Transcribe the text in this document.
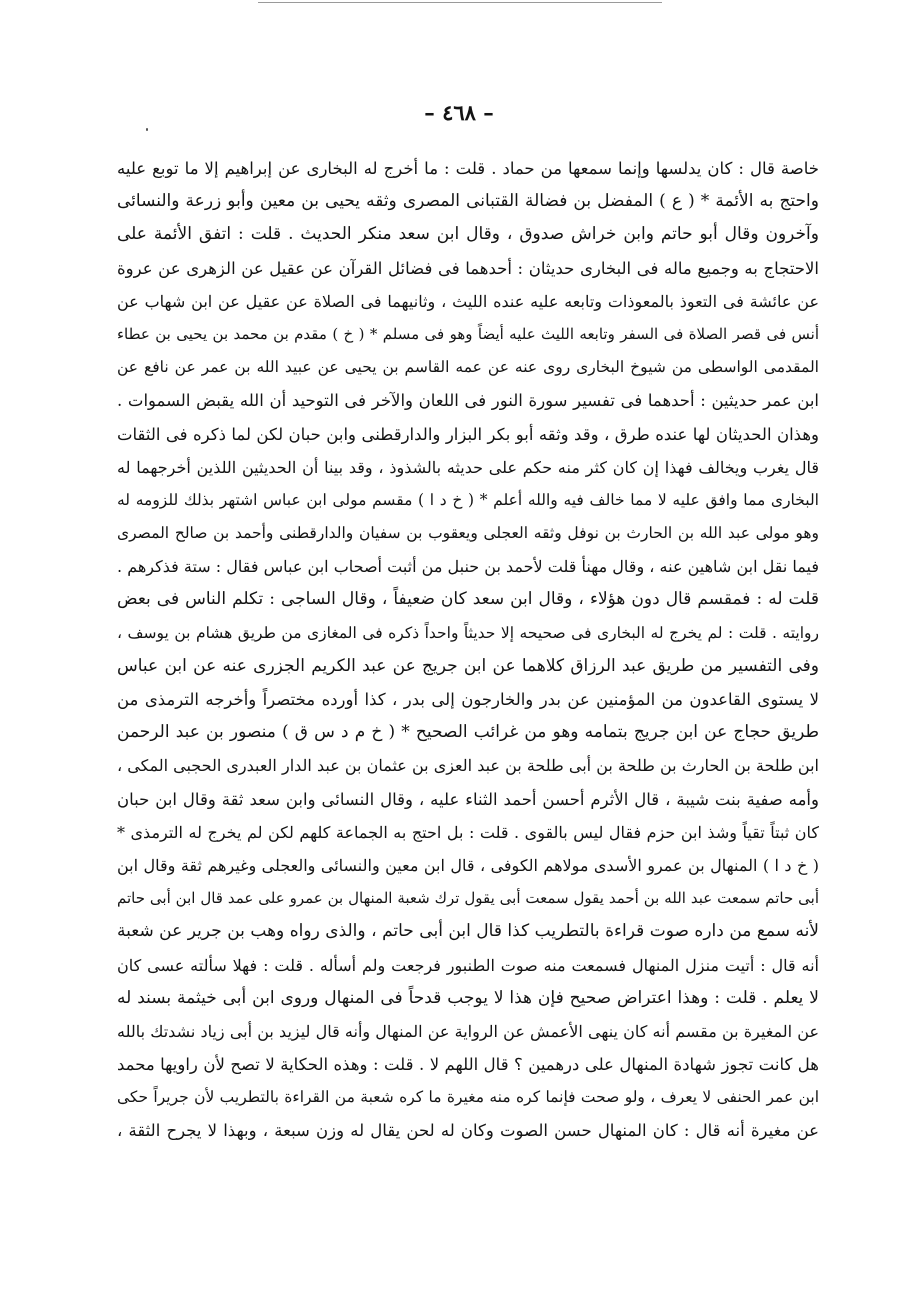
– ٤٦٨ –
خاصة قال : كان يدلسها وإنما سمعها من حماد . قلت : ما أخرج له البخارى عن إبراهيم إلا ما توبع عليه
واحتج به الأئمة * ( ع ) المفضل بن فضالة القتبانى المصرى وثقه يحيى بن معين وأبو زرعة والنسائى
وآخرون وقال أبو حاتم وابن خراش صدوق ، وقال ابن سعد منكر الحديث . قلت : اتفق الأئمة على
الاحتجاج به وجميع ماله فى البخارى حديثان : أحدهما فى فضائل القرآن عن عقيل عن الزهرى عن عروة
عن عائشة فى التعوذ بالمعوذات وتابعه عليه عنده الليث ، وثانيهما فى الصلاة عن عقيل عن ابن شهاب عن
أنس فى قصر الصلاة فى السفر وتابعه الليث عليه أيضاً وهو فى مسلم * ( خ ) مقدم بن محمد بن يحيى بن عطاء
المقدمى الواسطى من شيوخ البخارى روى عنه عن عمه القاسم بن يحيى عن عبيد الله بن عمر عن نافع عن
ابن عمر حديثين : أحدهما فى تفسير سورة النور فى اللعان والآخر فى التوحيد أن الله يقبض السموات .
وهذان الحديثان لها عنده طرق ، وقد وثقه أبو بكر البزار والدارقطنى وابن حبان لكن لما ذكره فى الثقات
قال يغرب ويخالف فهذا إن كان كثر منه حكم على حديثه بالشذوذ ، وقد بينا أن الحديثين اللذين أخرجهما له
البخارى مما وافق عليه لا مما خالف فيه والله أعلم * ( خ د ا ) مقسم مولى ابن عباس اشتهر بذلك للزومه له
وهو مولى عبد الله بن الحارث بن نوفل وثقه العجلى ويعقوب بن سفيان والدارقطنى وأحمد بن صالح المصرى
فيما نقل ابن شاهين عنه ، وقال مهنأ قلت لأحمد بن حنبل من أثبت أصحاب ابن عباس فقال : ستة فذكرهم .
قلت له : فمقسم قال دون هؤلاء ، وقال ابن سعد كان ضعيفاً ، وقال الساجى : تكلم الناس فى بعض
روايته . قلت : لم يخرج له البخارى فى صحيحه إلا حديثاً واحداً ذكره فى المغازى من طريق هشام بن يوسف ،
وفى التفسير من طريق عبد الرزاق كلاهما عن ابن جريج عن عبد الكريم الجزرى عنه عن ابن عباس
لا يستوى القاعدون من المؤمنين عن بدر والخارجون إلى بدر ، كذا أورده مختصراً وأخرجه الترمذى من
طريق حجاج عن ابن جريج بتمامه وهو من غرائب الصحيح * ( خ م د س ق ) منصور بن عبد الرحمن
ابن طلحة بن الحارث بن طلحة بن أبى طلحة بن عبد العزى بن عثمان بن عبد الدار العبدرى الحجبى المكى ،
وأمه صفية بنت شيبة ، قال الأثرم أحسن أحمد الثناء عليه ، وقال النسائى وابن سعد ثقة وقال ابن حبان
كان ثبتاً تقياً وشذ ابن حزم فقال ليس بالقوى . قلت : بل احتج به الجماعة كلهم لكن لم يخرج له الترمذى *
( خ د ا ) المنهال بن عمرو الأسدى مولاهم الكوفى ، قال ابن معين والنسائى والعجلى وغيرهم ثقة وقال ابن
أبى حاتم سمعت عبد الله بن أحمد يقول سمعت أبى يقول ترك شعبة المنهال بن عمرو على عمد قال ابن أبى حاتم
لأنه سمع من داره صوت قراءة بالتطريب كذا قال ابن أبى حاتم ، والذى رواه وهب بن جرير عن شعبة
أنه قال : أتيت منزل المنهال فسمعت منه صوت الطنبور فرجعت ولم أسأله . قلت : فهلا سألته عسى كان
لا يعلم . قلت : وهذا اعتراض صحيح فإن هذا لا يوجب قدحاً فى المنهال وروى ابن أبى خيثمة بسند له
عن المغيرة بن مقسم أنه كان ينهى الأعمش عن الرواية عن المنهال وأنه قال ليزيد بن أبى زياد نشدتك بالله
هل كانت تجوز شهادة المنهال على درهمين ؟ قال اللهم لا . قلت : وهذه الحكاية لا تصح لأن راويها محمد
ابن عمر الحنفى لا يعرف ، ولو صحت فإنما كره منه مغيرة ما كره شعبة من القراءة بالتطريب لأن جريراً حكى
عن مغيرة أنه قال : كان المنهال حسن الصوت وكان له لحن يقال له وزن سبعة ، وبهذا لا يجرح الثقة ،
